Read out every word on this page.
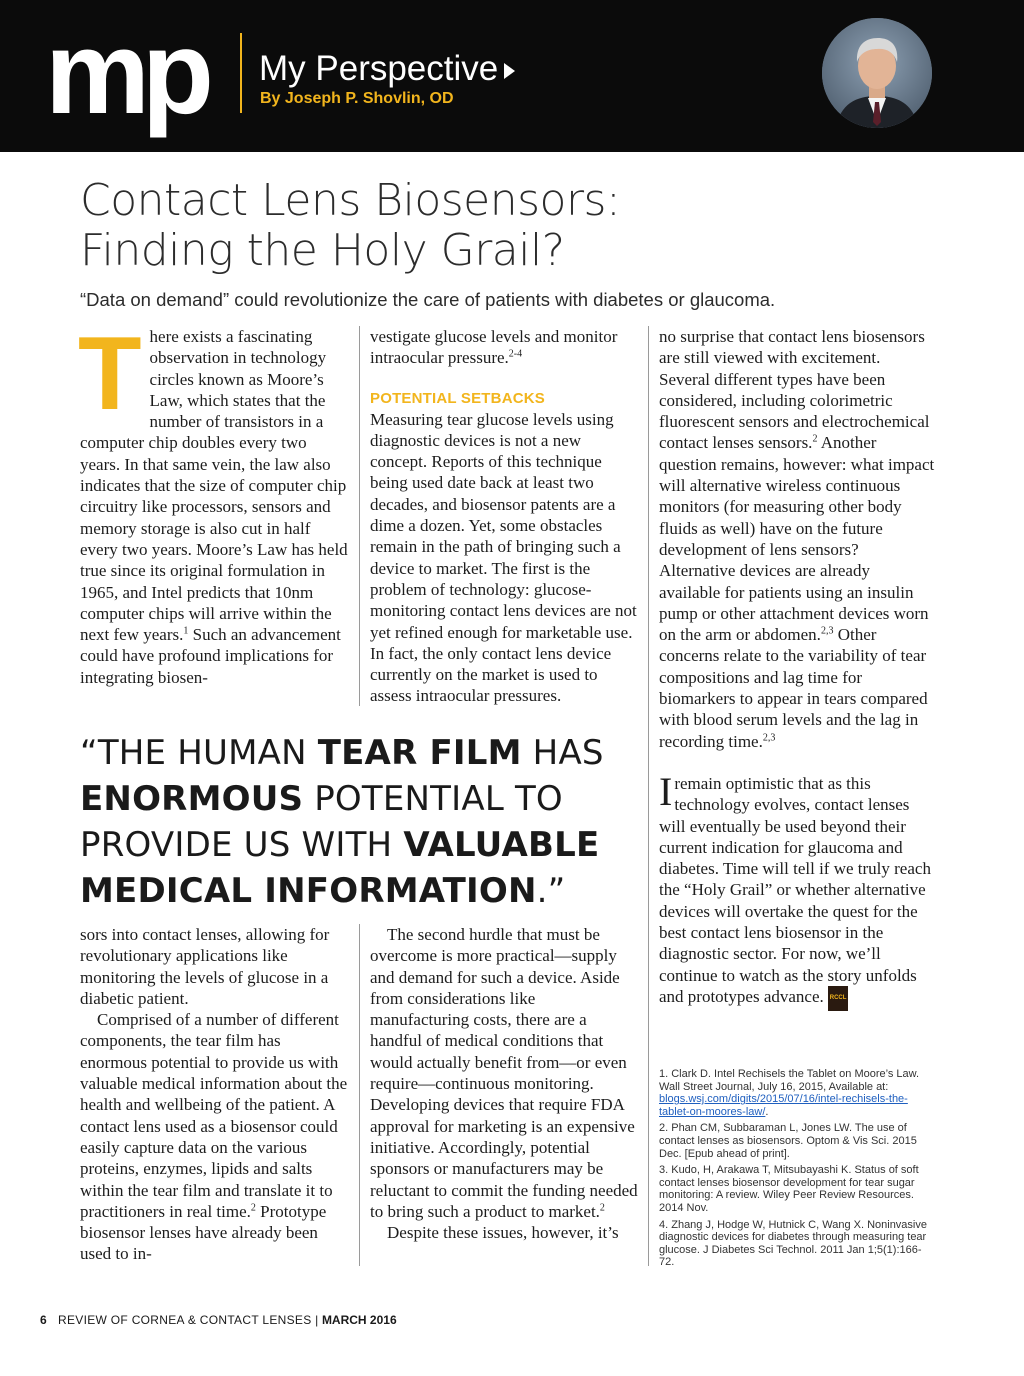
mp My Perspective
By Joseph P. Shovlin, OD
Contact Lens Biosensors:
Finding the Holy Grail?
“Data on demand” could revolutionize the care of patients with diabetes or glaucoma.

There exists a fascinating observation in technology circles known as Moore’s Law, which states that the number of transistors in a computer chip doubles every two years. In that same vein, the law also indicates that the size of computer chip circuitry like processors, sensors and memory storage is also cut in half every two years. Moore’s Law has held true since its original formulation in 1965, and Intel predicts that 10nm computer chips will arrive within the next few years.$^1$ Such an advancement could have profound implications for integrating biosen-

vestigate glucose levels and monitor intraocular pressure.$^{2-4}$

POTENTIAL SETBACKS

Measuring tear glucose levels using diagnostic devices is not a new concept. Reports of this technique being used date back at least two decades, and biosensor patents are a dime a dozen. Yet, some obstacles remain in the path of bringing such a device to market. The first is the problem of technology: glucose-monitoring contact lens devices are not yet refined enough for marketable use. In fact, the only contact lens device currently on the market is used to assess intraocular pressures.

no surprise that contact lens biosensors are still viewed with excitement. Several different types have been considered, including colorimetric fluorescent sensors and electrochemical contact lenses sensors.$^2$ Another question remains, however: what impact will alternative wireless continuous monitors (for measuring other body fluids as well) have on the future development of lens sensors? Alternative devices are already available for patients using an insulin pump or other attachment devices worn on the arm or abdomen.$^{2,3}$ Other concerns relate to the variability of tear compositions and lag time for biomarkers to appear in tears compared with blood serum levels and the lag in recording time.$^{2,3}$

I remain optimistic that as this technology evolves, contact lenses will eventually be used beyond their current indication for glaucoma and diabetes. Time will tell if we truly reach the “Holy Grail” or whether alternative devices will overtake the quest for the best contact lens biosensor in the diagnostic sector. For now, we’ll continue to watch as the story unfolds and prototypes advance. RCCL

“THE HUMAN TEAR FILM HAS ENORMOUS POTENTIAL TO PROVIDE US WITH VALUABLE MEDICAL INFORMATION.”

sors into contact lenses, allowing for revolutionary applications like monitoring the levels of glucose in a diabetic patient.

Comprised of a number of different components, the tear film has enormous potential to provide us with valuable medical information about the health and wellbeing of the patient. A contact lens used as a biosensor could easily capture data on the various proteins, enzymes, lipids and salts within the tear film and translate it to practitioners in real time.$^2$ Prototype biosensor lenses have already been used to in-

The second hurdle that must be overcome is more practical—supply and demand for such a device. Aside from considerations like manufacturing costs, there are a handful of medical conditions that would actually benefit from—or even require—continuous monitoring. Developing devices that require FDA approval for marketing is an expensive initiative. Accordingly, potential sponsors or manufacturers may be reluctant to commit the funding needed to bring such a product to market.$^2$

Despite these issues, however, it’s

1. Clark D. Intel Rechisels the Tablet on Moore’s Law. Wall Street Journal, July 16, 2015, Available at: blogs.wsj.com/digits/2015/07/16/intel-rechisels-the-tablet-on-moores-law/.
2. Phan CM, Subbaraman L, Jones LW. The use of contact lenses as biosensors. Optom & Vis Sci. 2015 Dec. [Epub ahead of print].
3. Kudo, H, Arakawa T, Mitsubayashi K. Status of soft contact lenses biosensor development for tear sugar monitoring: A review. Wiley Peer Review Resources. 2014 Nov.
4. Zhang J, Hodge W, Hutnick C, Wang X. Noninvasive diagnostic devices for diabetes through measuring tear glucose. J Diabetes Sci Technol. 2011 Jan 1;5(1):166-72.
6 REVIEW OF CORNEA & CONTACT LENSES | MARCH 2016
